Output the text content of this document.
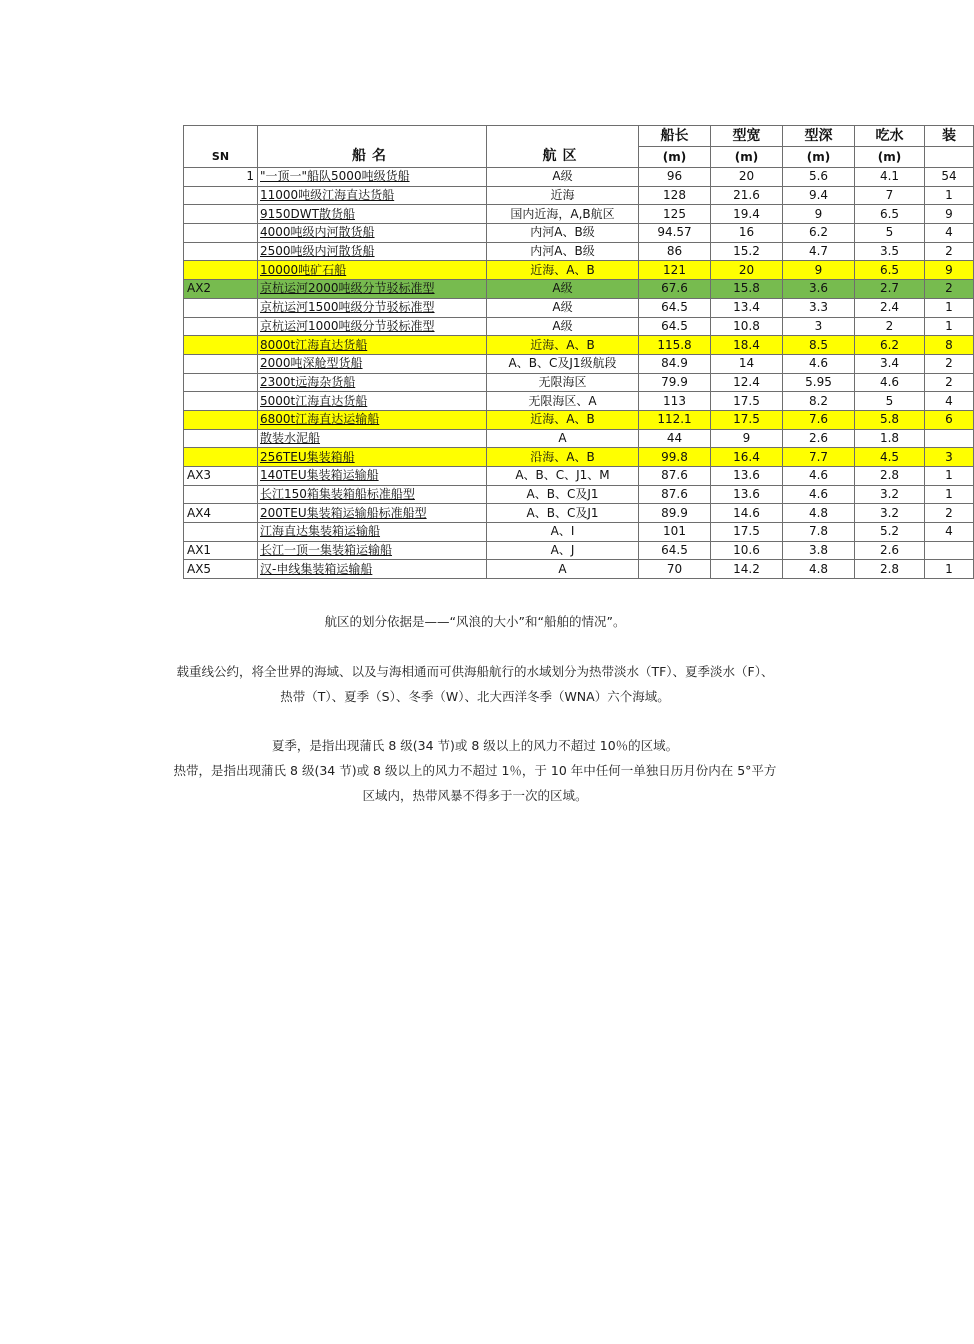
SN	船名	航区	船长	型宽	型深	吃水	装
			(m)	(m)	(m)	(m)	
1	"一顶一"船队5000吨级货船	A级	96	20	5.6	4.1	54
	11000吨级江海直达货船	近海	128	21.6	9.4	7	1
	9150DWT散货船	国内近海，A,B航区	125	19.4	9	6.5	9
	4000吨级内河散货船	内河A、B级	94.57	16	6.2	5	4
	2500吨级内河散货船	内河A、B级	86	15.2	4.7	3.5	2
	10000吨矿石船	近海、A、B	121	20	9	6.5	9
AX2	京杭运河2000吨级分节驳标准型	A级	67.6	15.8	3.6	2.7	2
	京杭运河1500吨级分节驳标准型	A级	64.5	13.4	3.3	2.4	1
	京杭运河1000吨级分节驳标准型	A级	64.5	10.8	3	2	1
	8000t江海直达货船	近海、A、B	115.8	18.4	8.5	6.2	8
	2000吨深舱型货船	A、B、C及J1级航段	84.9	14	4.6	3.4	2
	2300t远海杂货船	无限海区	79.9	12.4	5.95	4.6	2
	5000t江海直达货船	无限海区、A	113	17.5	8.2	5	4
	6800t江海直达运输船	近海、A、B	112.1	17.5	7.6	5.8	6
	散装水泥船	A	44	9	2.6	1.8	
	256TEU集装箱船	沿海、A、B	99.8	16.4	7.7	4.5	3
AX3	140TEU集装箱运输船	A、B、C、J1、M	87.6	13.6	4.6	2.8	1
	长江150箱集装箱船标准船型	A、B、C及J1	87.6	13.6	4.6	3.2	1
AX4	200TEU集装箱运输船标准船型	A、B、C及J1	89.9	14.6	4.8	3.2	2
	江海直达集装箱运输船	A、I	101	17.5	7.8	5.2	4
AX1	长江一顶一集装箱运输船	A、J	64.5	10.6	3.8	2.6	
AX5	汉-申线集装箱运输船	A	70	14.2	4.8	2.8	1

航区的划分依据是——“风浪的大小”和“船舶的情况”。

载重线公约，将全世界的海域、以及与海相通而可供海船航行的水域划分为热带淡水（TF）、夏季淡水（F）、

热带（T）、夏季（S）、冬季（W）、北大西洋冬季（WNA）六个海域。

夏季，是指出现蒲氏 8 级(34 节)或 8 级以上的风力不超过 10％的区域。

热带，是指出现蒲氏 8 级(34 节)或 8 级以上的风力不超过 1％，于 10 年中任何一单独日历月份内在 5°平方

区域内，热带风暴不得多于一次的区域。
